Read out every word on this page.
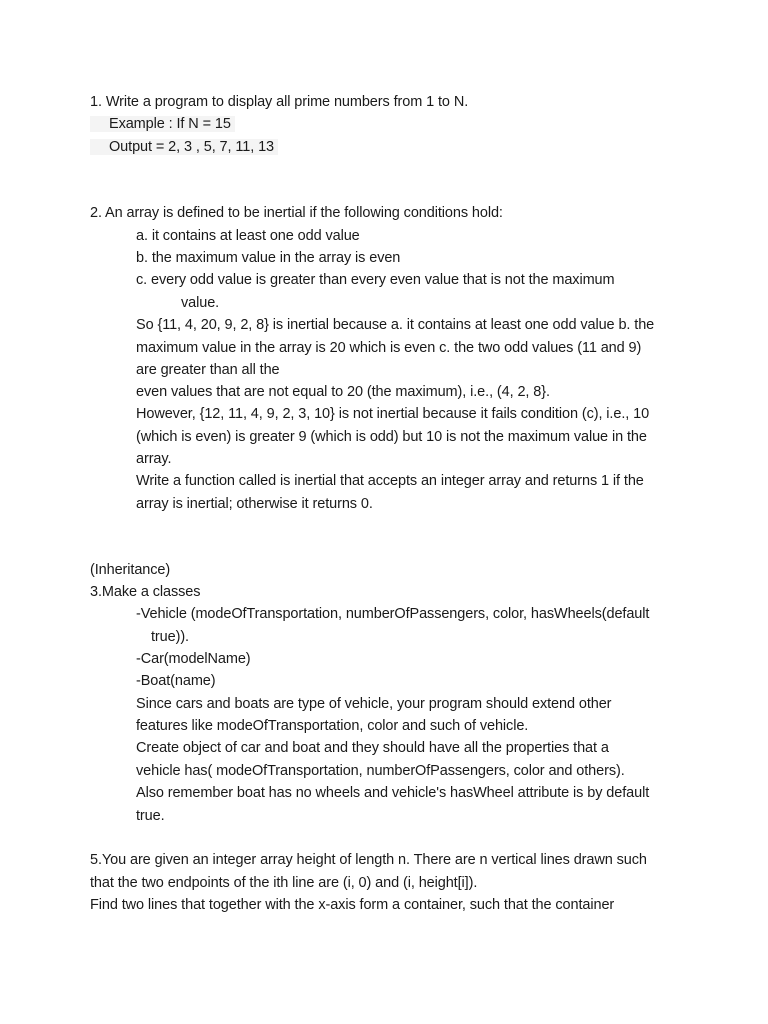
1. Write a program to display all prime numbers from 1 to N.
Example : If N = 15
Output = 2, 3 , 5, 7, 11, 13
2. An array is defined to be inertial if the following conditions hold:
a. it contains at least one odd value
b. the maximum value in the array is even
c. every odd value is greater than every even value that is not the maximum
value.
So {11, 4, 20, 9, 2, 8} is inertial because a. it contains at least one odd value b. the
maximum value in the array is 20 which is even c. the two odd values (11 and 9)
are greater than all the
even values that are not equal to 20 (the maximum), i.e., (4, 2, 8}.
However, {12, 11, 4, 9, 2, 3, 10} is not inertial because it fails condition (c), i.e., 10
(which is even) is greater 9 (which is odd) but 10 is not the maximum value in the
array.
Write a function called is inertial that accepts an integer array and returns 1 if the
array is inertial; otherwise it returns 0.
(Inheritance)
3.Make a classes
-Vehicle (modeOfTransportation, numberOfPassengers, color, hasWheels(default
true)).
-Car(modelName)
-Boat(name)
Since cars and boats are type of vehicle, your program should extend other
features like modeOfTransportation, color and such of vehicle.
Create object of car and boat and they should have all the properties that a
vehicle has( modeOfTransportation, numberOfPassengers, color and others).
Also remember boat has no wheels and vehicle's hasWheel attribute is by default
true.
5.You are given an integer array height of length n. There are n vertical lines drawn such
that the two endpoints of the ith line are (i, 0) and (i, height[i]).
Find two lines that together with the x-axis form a container, such that the container
